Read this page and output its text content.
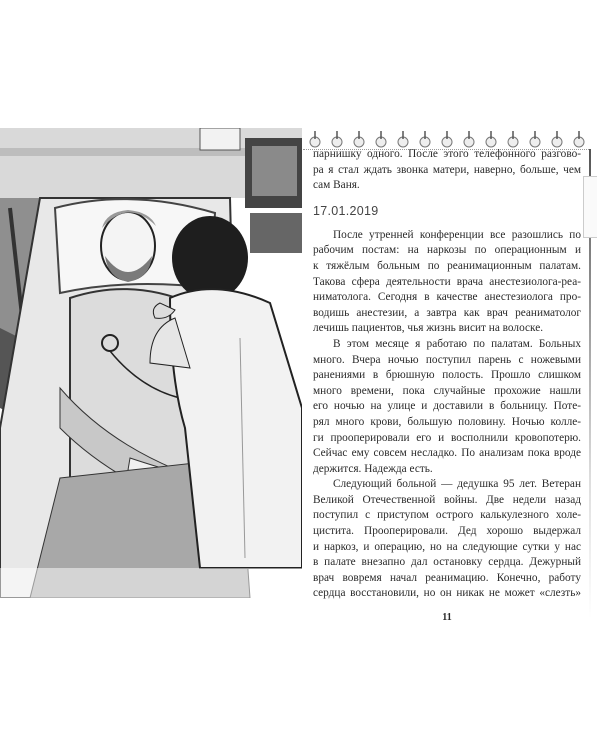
парнишку одного. После этого телефонного разгово-
ра я стал ждать звонка матери, наверно, больше, чем
сам Ваня.
17.01.2019
После утренней конференции все разошлись по
рабочим постам: на наркозы по операционным и
к тяжёлым больным по реанимационным палатам.
Такова сфера деятельности врача анестезиолога-реа-
ниматолога. Сегодня в качестве анестезиолога про-
водишь анестезии, а завтра как врач реаниматолог
лечишь пациентов, чья жизнь висит на волоске.
В этом месяце я работаю по палатам. Больных
много. Вчера ночью поступил парень с ножевыми
ранениями в брюшную полость. Прошло слишком
много времени, пока случайные прохожие нашли
его ночью на улице и доставили в больницу. Поте-
рял много крови, большую половину. Ночью колле-
ги прооперировали его и восполнили кровопотерю.
Сейчас ему совсем несладко. По анализам пока вроде
держится. Надежда есть.
Следующий больной — дедушка 95 лет. Ветеран
Великой Отечественной войны. Две недели назад
поступил с приступом острого калькулезного холе-
цистита. Прооперировали. Дед хорошо выдержал
и наркоз, и операцию, но на следующие сутки у нас
в палате внезапно дал остановку сердца. Дежурный
врач вовремя начал реанимацию. Конечно, работу
сердца восстановили, но он никак не может «слезть»
11
